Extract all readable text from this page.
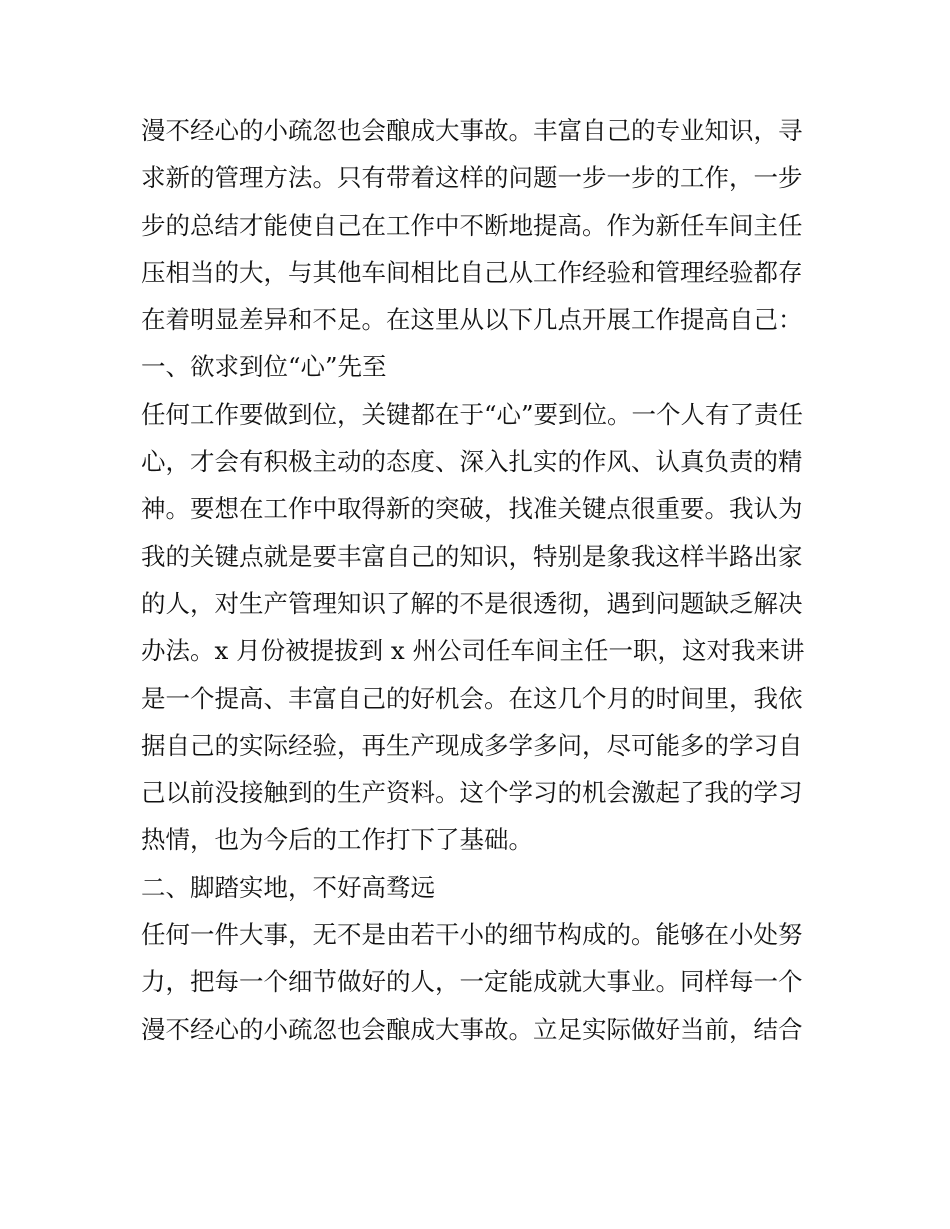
漫不经心的小疏忽也会酿成大事故。丰富自己的专业知识，寻
求新的管理方法。只有带着这样的问题一步一步的工作，一步
步的总结才能使自己在工作中不断地提高。作为新任车间主任
压相当的大，与其他车间相比自己从工作经验和管理经验都存
在着明显差异和不足。在这里从以下几点开展工作提高自己：
一、欲求到位“心”先至
任何工作要做到位，关键都在于“心”要到位。一个人有了责任
心，才会有积极主动的态度、深入扎实的作风、认真负责的精
神。要想在工作中取得新的突破，找准关键点很重要。我认为
我的关键点就是要丰富自己的知识，特别是象我这样半路出家
的人，对生产管理知识了解的不是很透彻，遇到问题缺乏解决
办法。x 月份被提拔到 x 州公司任车间主任一职，这对我来讲
是一个提高、丰富自己的好机会。在这几个月的时间里，我依
据自己的实际经验，再生产现成多学多问，尽可能多的学习自
己以前没接触到的生产资料。这个学习的机会激起了我的学习
热情，也为今后的工作打下了基础。
二、脚踏实地，不好高骛远
任何一件大事，无不是由若干小的细节构成的。能够在小处努
力，把每一个细节做好的人，一定能成就大事业。同样每一个
漫不经心的小疏忽也会酿成大事故。立足实际做好当前，结合
